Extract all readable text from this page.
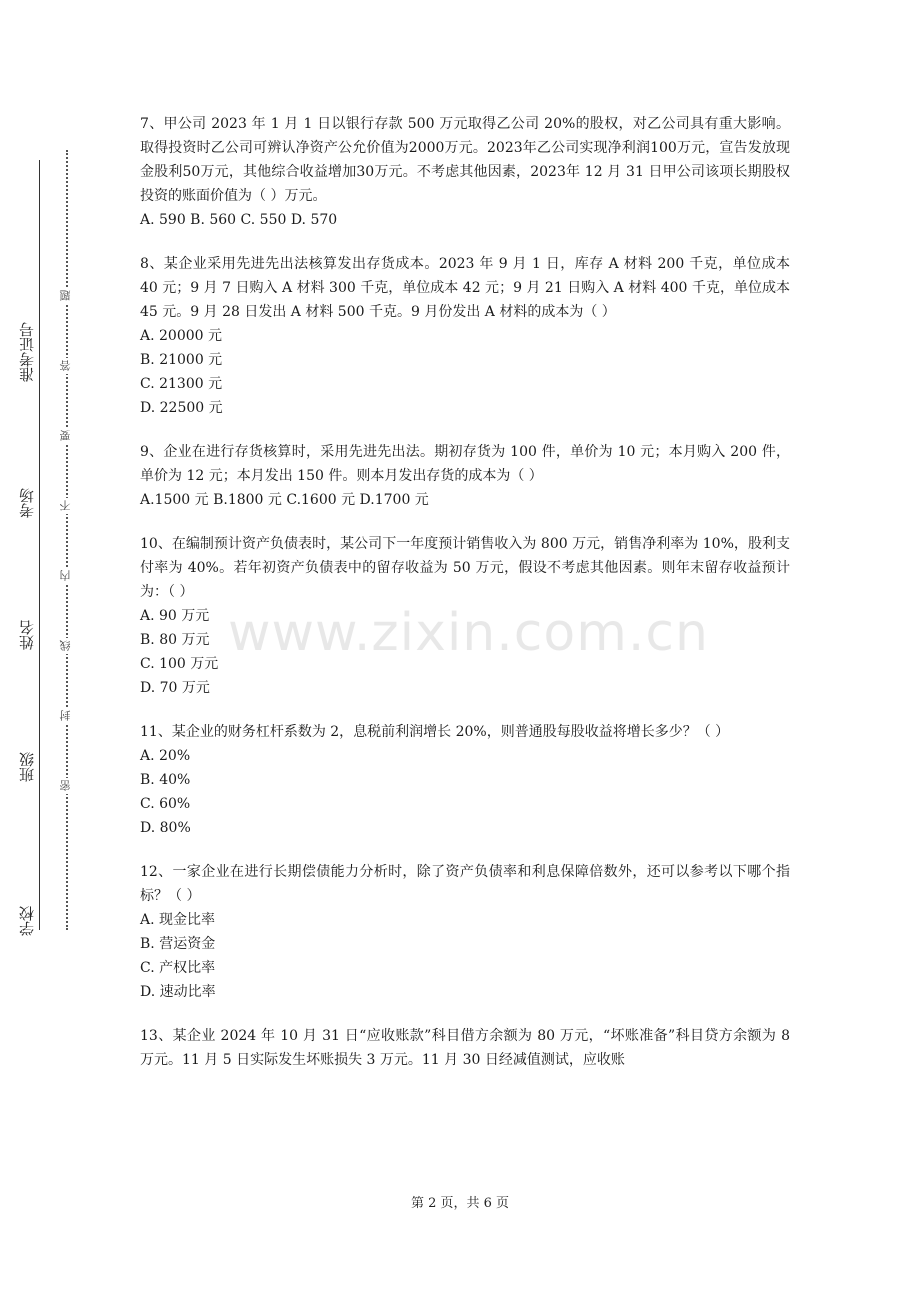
准考证号
考场
姓名
班级
学校
题
答
要
不
内
线
封
密
www.zixin.com.cn

7、甲公司 2023 年 1 月 1 日以银行存款 500 万元取得乙公司 20%的股权，对乙公司具有重大影响。取得投资时乙公司可辨认净资产公允价值为2000万元。2023年乙公司实现净利润100万元，宣告发放现金股利50万元，其他综合收益增加30万元。不考虑其他因素，2023年 12 月 31 日甲公司该项长期股权投资的账面价值为（ ）万元。

A. 590 B. 560 C. 550 D. 570

8、某企业采用先进先出法核算发出存货成本。2023 年 9 月 1 日，库存 A 材料 200 千克，单位成本 40 元；9 月 7 日购入 A 材料 300 千克，单位成本 42 元；9 月 21 日购入 A 材料 400 千克，单位成本 45 元。9 月 28 日发出 A 材料 500 千克。9 月份发出 A 材料的成本为（ ）

A. 20000 元

B. 21000 元

C. 21300 元

D. 22500 元

9、企业在进行存货核算时，采用先进先出法。期初存货为 100 件，单价为 10 元；本月购入 200 件，单价为 12 元；本月发出 150 件。则本月发出存货的成本为（ ）

A.1500 元 B.1800 元 C.1600 元 D.1700 元

10、在编制预计资产负债表时，某公司下一年度预计销售收入为 800 万元，销售净利率为 10%，股利支付率为 40%。若年初资产负债表中的留存收益为 50 万元，假设不考虑其他因素。则年末留存收益预计为：（ ）

A. 90 万元

B. 80 万元

C. 100 万元

D. 70 万元

11、某企业的财务杠杆系数为 2，息税前利润增长 20%，则普通股每股收益将增长多少？（ ）

A. 20%

B. 40%

C. 60%

D. 80%

12、一家企业在进行长期偿债能力分析时，除了资产负债率和利息保障倍数外，还可以参考以下哪个指标？（ ）

A. 现金比率

B. 营运资金

C. 产权比率

D. 速动比率

13、某企业 2024 年 10 月 31 日“应收账款”科目借方余额为 80 万元，“坏账准备”科目贷方余额为 8 万元。11 月 5 日实际发生坏账损失 3 万元。11 月 30 日经减值测试，应收账

第 2 页，共 6 页
